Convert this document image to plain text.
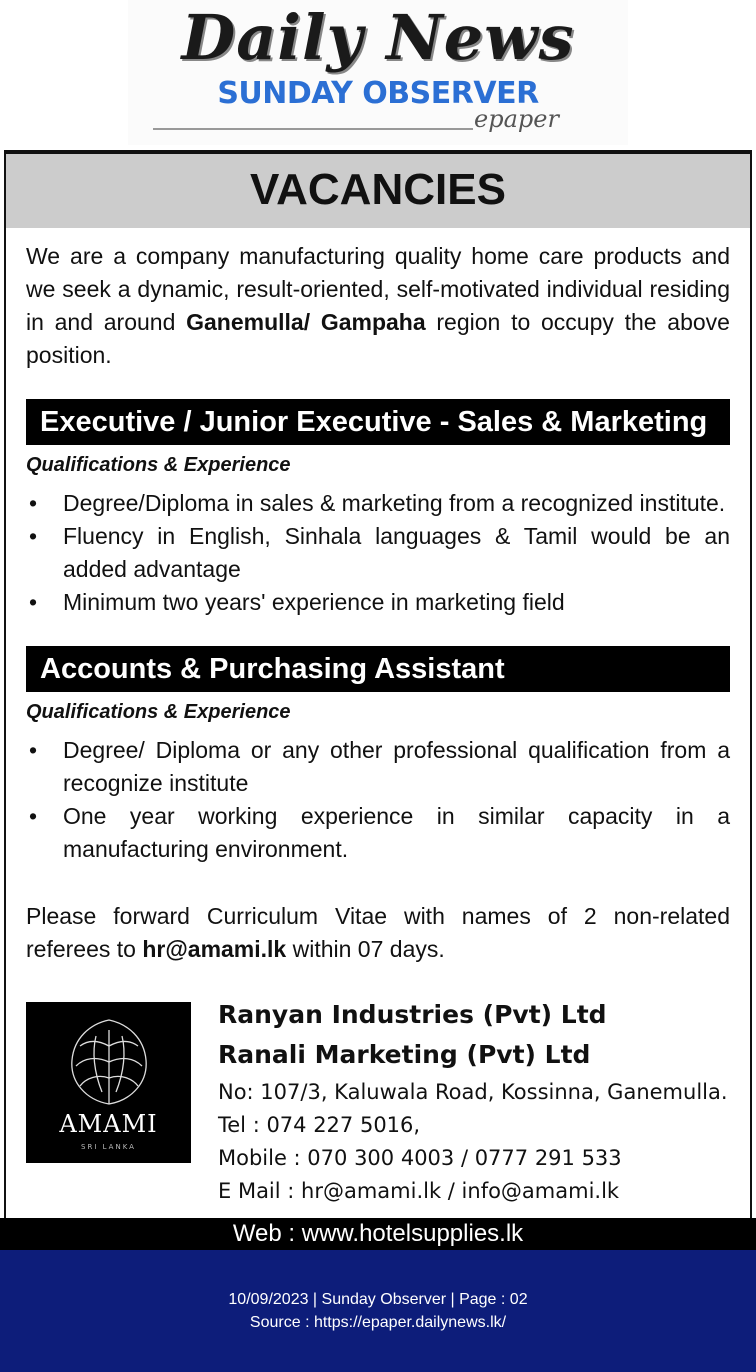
Daily News
SUNDAY OBSERVER
epaper
VACANCIES
We are a company manufacturing quality home care products and we seek a dynamic, result-oriented, self-motivated individual residing in and around Ganemulla/ Gampaha region to occupy the above position.
Executive / Junior Executive - Sales & Marketing
Qualifications & Experience
• Degree/Diploma in sales & marketing from a recognized institute.
• Fluency in English, Sinhala languages & Tamil would be an added advantage
• Minimum two years' experience in marketing field
Accounts & Purchasing Assistant
Qualifications & Experience
• Degree/ Diploma or any other professional qualification from a recognize institute
• One year working experience in similar capacity in a manufacturing environment.
Please forward Curriculum Vitae with names of 2 non-related referees to hr@amami.lk within 07 days.
AMAMI
SRI LANKA
Ranyan Industries (Pvt) Ltd
Ranali Marketing (Pvt) Ltd
No: 107/3, Kaluwala Road, Kossinna, Ganemulla.
Tel : 074 227 5016,
Mobile : 070 300 4003 / 0777 291 533
E Mail : hr@amami.lk / info@amami.lk
Web : www.hotelsupplies.lk
10/09/2023 | Sunday Observer | Page : 02
Source : https://epaper.dailynews.lk/
